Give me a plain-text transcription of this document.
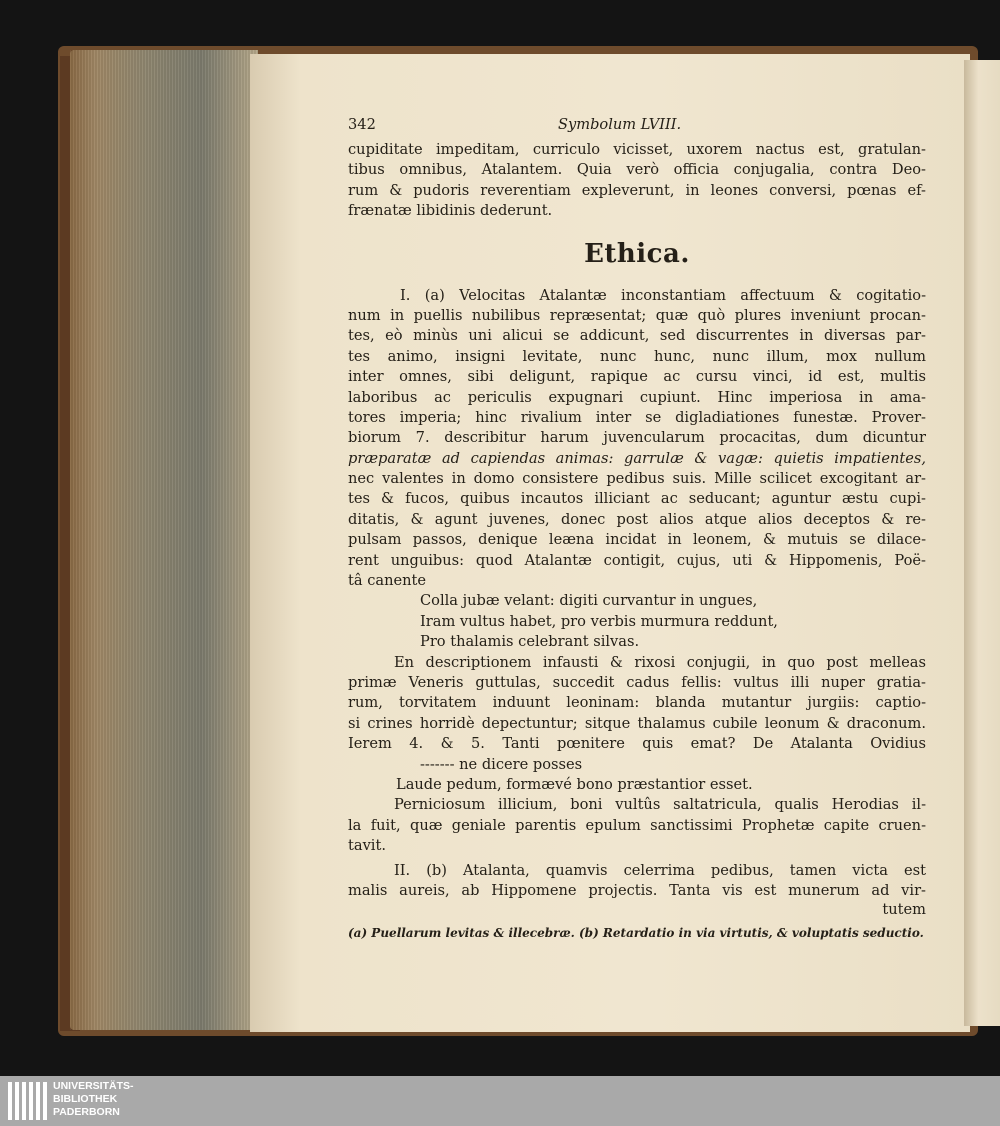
342	Symbolum LVIII.
cupiditate impeditam, curriculo vicisset, uxorem nactus est, gratulan-
tibus omnibus, Atalantem. Quia verò officia conjugalia, contra Deo-
rum & pudoris reverentiam expleverunt, in leones conversi, pœnas ef-
frænatæ libidinis dederunt.
Ethica.
I. (a) Velocitas Atalantæ inconstantiam affectuum & cogitatio-
num in puellis nubilibus repræsentat; quæ quò plures inveniunt procan-
tes, eò minùs uni alicui se addicunt, sed discurrentes in diversas par-
tes animo, insigni levitate, nunc hunc, nunc illum, mox nullum
inter omnes, sibi deligunt, rapique ac cursu vinci, id est, multis
laboribus ac periculis expugnari cupiunt. Hinc imperiosa in ama-
tores imperia; hinc rivalium inter se digladiationes funestæ. Prover-
biorum 7. describitur harum juvencularum procacitas, dum dicuntur
præparatæ ad capiendas animas: garrulæ & vagæ: quietis impatientes,
nec valentes in domo consistere pedibus suis. Mille scilicet excogitant ar-
tes & fucos, quibus incautos illiciant ac seducant; aguntur æstu cupi-
ditatis, & agunt juvenes, donec post alios atque alios deceptos & re-
pulsam passos, denique leæna incidat in leonem, & mutuis se dilace-
rent unguibus: quod Atalantæ contigit, cujus, uti & Hippomenis, Poë-
tâ canente
Colla jubæ velant: digiti curvantur in ungues,
Iram vultus habet, pro verbis murmura reddunt,
Pro thalamis celebrant silvas.
En descriptionem infausti & rixosi conjugii, in quo post melleas
primæ Veneris guttulas, succedit cadus fellis: vultus illi nuper gratia-
rum, torvitatem induunt leoninam: blanda mutantur jurgiis: captio-
si crines horridè depectuntur; sitque thalamus cubile leonum & draconum.
Ierem 4. & 5. Tanti pœnitere quis emat? De Atalanta Ovidius
------- ne dicere posses
Laude pedum, formævé bono præstantior esset.
Perniciosum illicium, boni vultûs saltatricula, qualis Herodias il-
la fuit, quæ geniale parentis epulum sanctissimi Prophetæ capite cruen-
tavit.
II. (b) Atalanta, quamvis celerrima pedibus, tamen victa est
malis aureis, ab Hippomene projectis. Tanta vis est munerum ad vir-
tutem
(a) Puellarum levitas & illecebræ. (b) Retardatio in via virtutis, & voluptatis seductio.
UNIVERSITÄTS-
BIBLIOTHEK
PADERBORN
